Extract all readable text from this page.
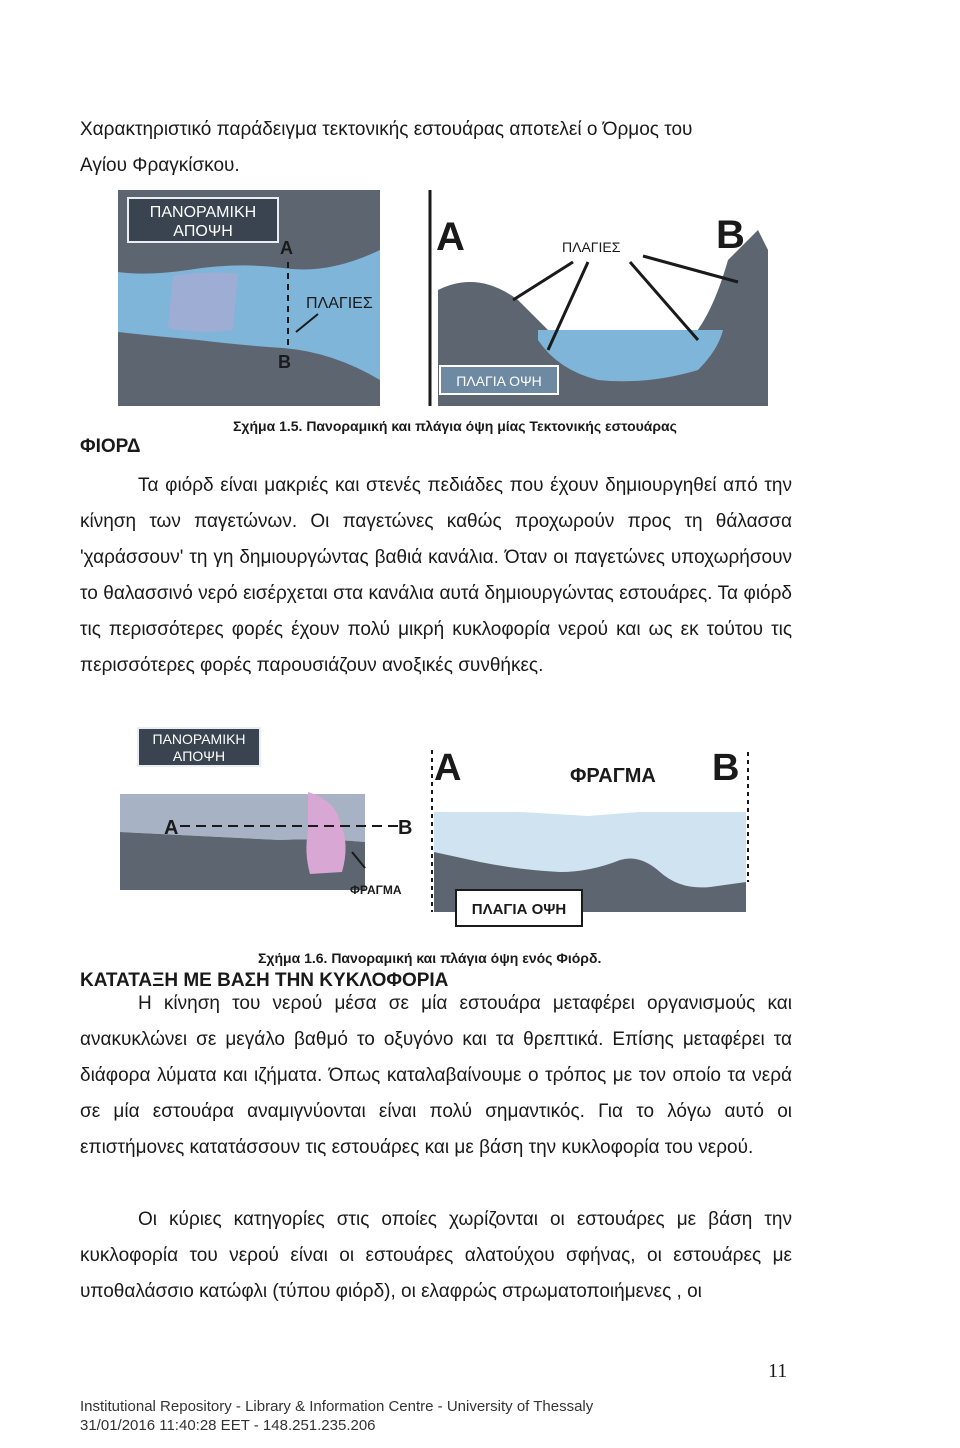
Χαρακτηριστικό παράδειγμα τεκτονικής εστουάρας αποτελεί ο Όρμος του
Αγίου Φραγκίσκου.

ΠΑΝΟΡΑΜΙΚΗ
ΑΠΟΨΗ
Α
Β
ΠΛΑΓΙΕΣ
Α	Β
ΠΛΑΓΙΕΣ
ΠΛΑΓΙΑ ΟΨΗ

Σχήμα 1.5. Πανοραμική και πλάγια όψη μίας Τεκτονικής εστουάρας

ΦΙΟΡΔ

Τα φιόρδ είναι μακριές και στενές πεδιάδες που έχουν δημιουργηθεί από την κίνηση των παγετώνων. Οι παγετώνες καθώς προχωρούν προς τη θάλασσα 'χαράσσουν' τη γη δημιουργώντας βαθιά κανάλια. Όταν οι παγετώνες υποχωρήσουν το θαλασσινό νερό εισέρχεται στα κανάλια αυτά δημιουργώντας εστουάρες. Τα φιόρδ τις περισσότερες φορές έχουν πολύ μικρή κυκλοφορία νερού και ως εκ τούτου τις περισσότερες φορές παρουσιάζουν ανοξικές συνθήκες.

ΠΑΝΟΡΑΜΙΚΗ
ΑΠΟΨΗ
Α	Β
ΦΡΑΓΜΑ
Α	Β
ΦΡΑΓΜΑ
ΠΛΑΓΙΑ ΟΨΗ

Σχήμα 1.6. Πανοραμική και πλάγια όψη ενός Φιόρδ.

ΚΑΤΑΤΑΞΗ ΜΕ ΒΑΣΗ ΤΗΝ ΚΥΚΛΟΦΟΡΙΑ

Η κίνηση του νερού μέσα σε μία εστουάρα μεταφέρει οργανισμούς και ανακυκλώνει σε μεγάλο βαθμό το οξυγόνο και τα θρεπτικά. Επίσης μεταφέρει τα διάφορα λύματα και ιζήματα. Όπως καταλαβαίνουμε ο τρόπος με τον οποίο τα νερά σε μία εστουάρα αναμιγνύονται είναι πολύ σημαντικός. Για το λόγω αυτό οι επιστήμονες κατατάσσουν τις εστουάρες και με βάση την κυκλοφορία του νερού.

Οι κύριες κατηγορίες στις οποίες χωρίζονται οι εστουάρες με βάση την κυκλοφορία του νερού είναι οι εστουάρες αλατούχου σφήνας, οι εστουάρες με υποθαλάσσιο κατώφλι (τύπου φιόρδ), οι ελαφρώς στρωματοποιήμενες , οι

11
Institutional Repository - Library & Information Centre - University of Thessaly
31/01/2016 11:40:28 EET - 148.251.235.206
